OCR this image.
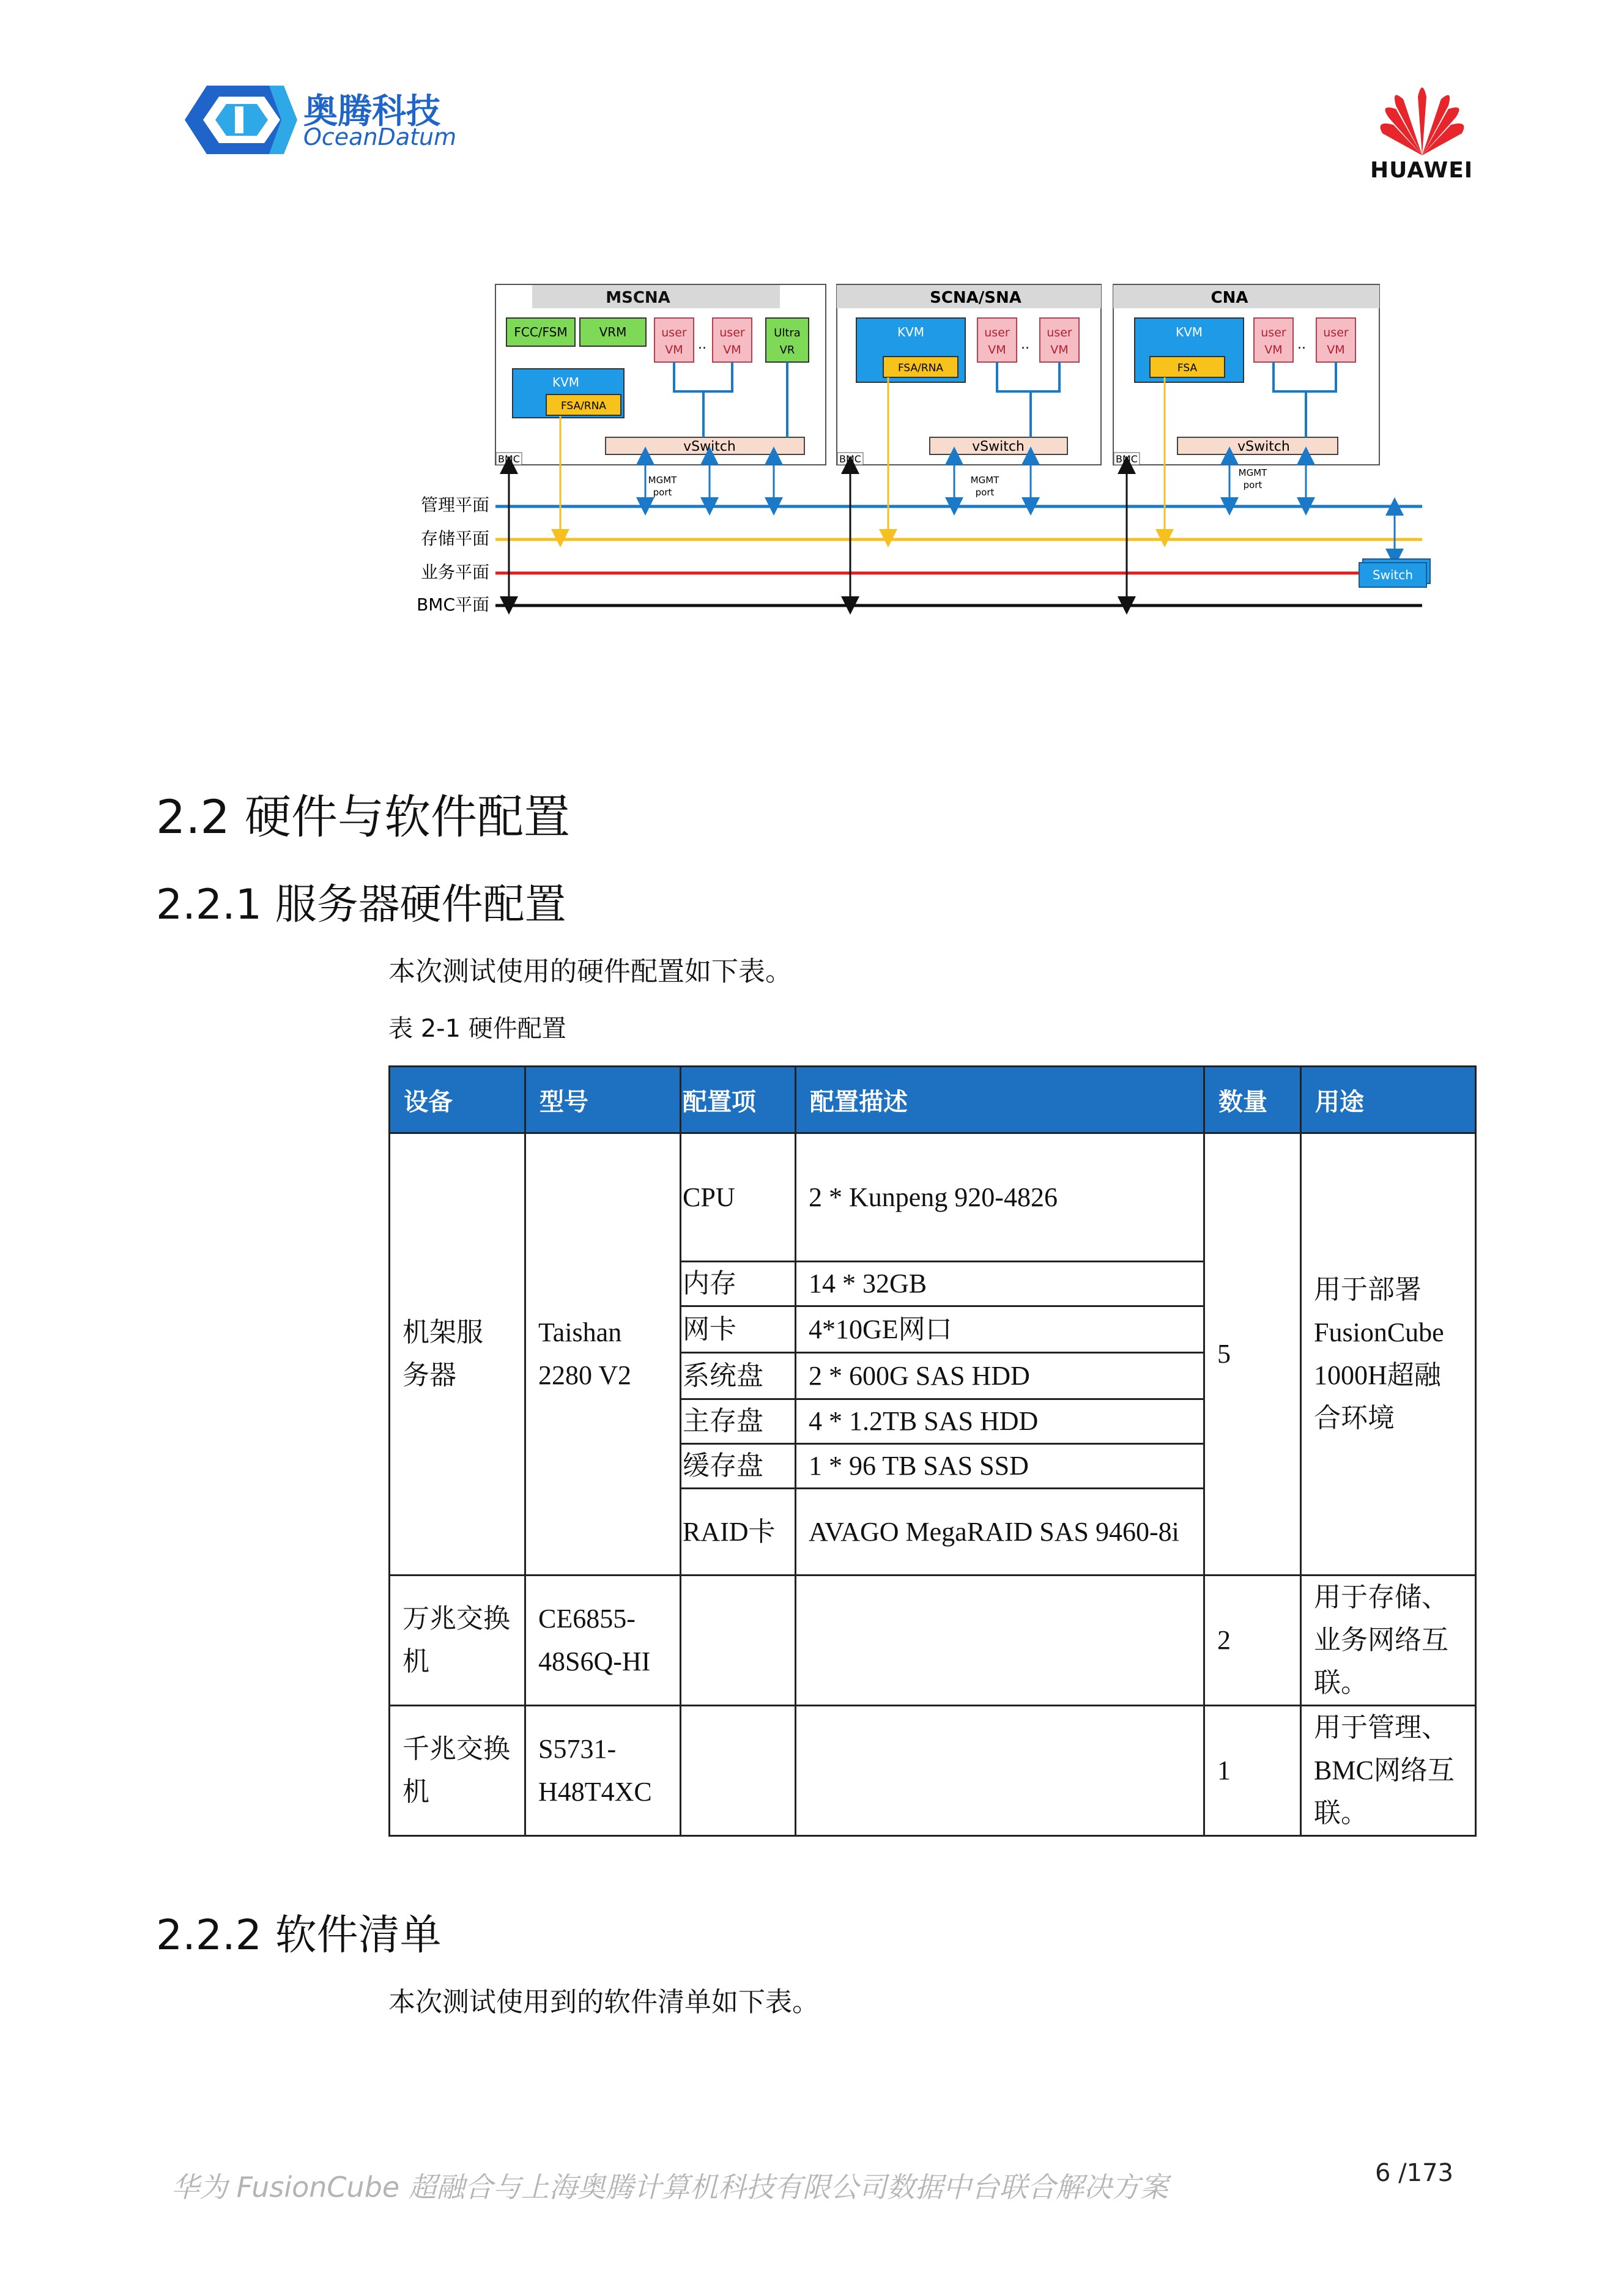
奥腾科技
OceanDatum
HUAWEI
MSCNA
FCC/FSM	VRM	user
VM ..
user
VM
Ultra
VR
KVM
FSA/RNA
vSwitch
BMC
MGMT
port
SCNA/SNA
KVM
FSA/RNA
user
VM ..
user
VM
vSwitch
BMC
MGMT
port
CNA
KVM
FSA
user
VM ..
user
VM
vSwitch
BMC
MGMT
port
管理平面
存储平面
业务平面
BMC平面
Switch
2.2 硬件与软件配置
2.2.1 服务器硬件配置
本次测试使用的硬件配置如下表。
表 2-1 硬件配置
设备	型号	配置项	配置描述	数量	用途
机架服务器	Taishan 2280 V2	CPU	2 * Kunpeng 920-4826	5	用于部署FusionCube 1000H超融合环境
		内存	14 * 32GB		
		网卡	4*10GE网口		
		系统盘	2 * 600G SAS HDD		
		主存盘	4 * 1.2TB SAS HDD		
		缓存盘	1 * 96 TB SAS SSD		
		RAID卡	AVAGO MegaRAID SAS 9460-8i		
万兆交换机	CE6855-48S6Q-HI			2	用于存储、业务网络互联。
千兆交换机	S5731-H48T4XC			1	用于管理、BMC网络互联。
2.2.2 软件清单
本次测试使用到的软件清单如下表。
华为 FusionCube 超融合与上海奥腾计算机科技有限公司数据中台联合解决方案	6 /173
